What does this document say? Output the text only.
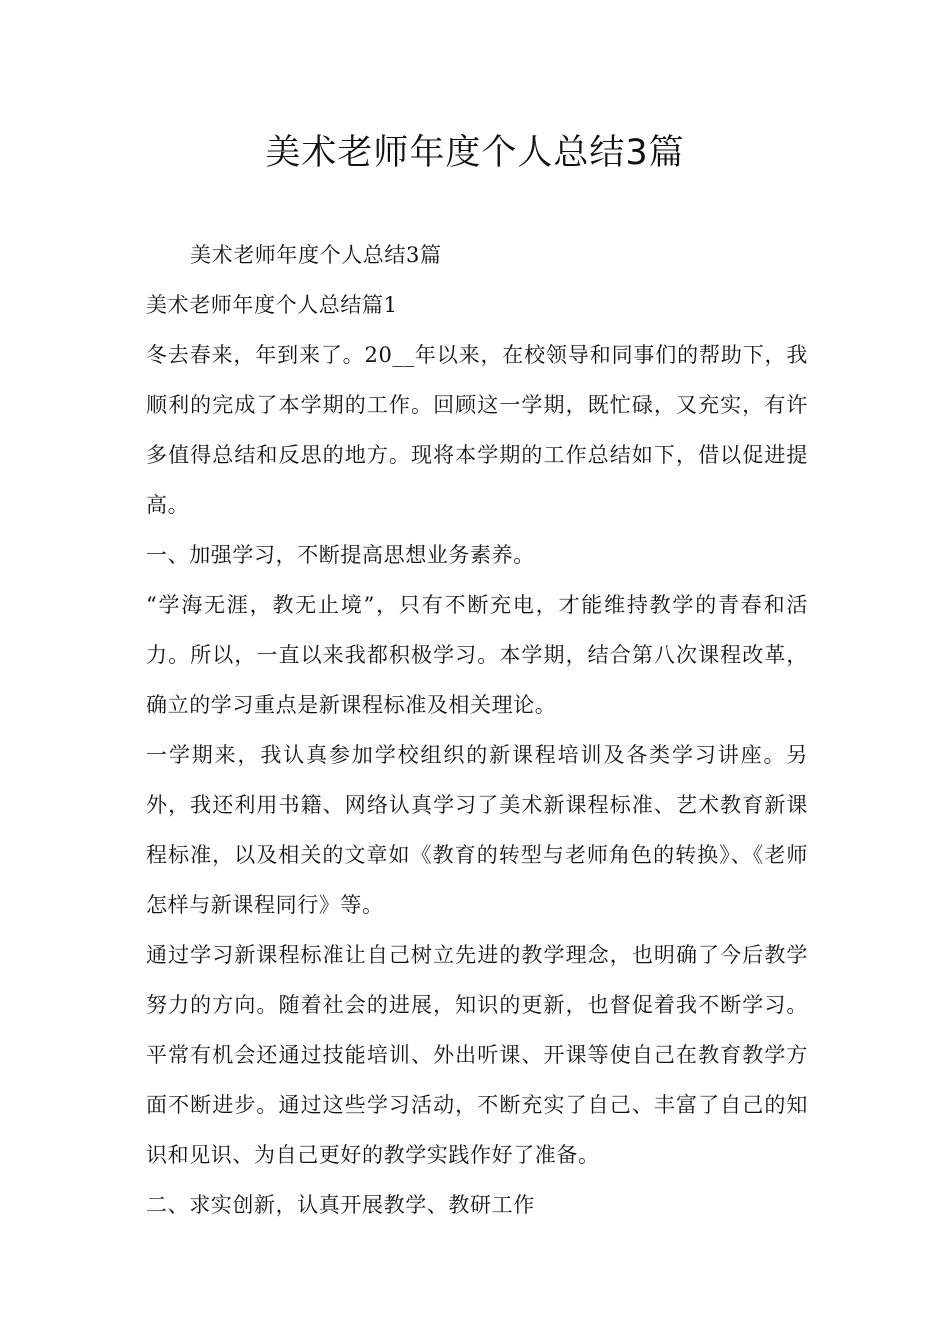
美术老师年度个人总结3篇

美术老师年度个人总结3篇

美术老师年度个人总结篇1

冬去春来，年到来了。20__年以来，在校领导和同事们的帮助下，我顺利的完成了本学期的工作。回顾这一学期，既忙碌，又充实，有许多值得总结和反思的地方。现将本学期的工作总结如下，借以促进提高。

一、加强学习，不断提高思想业务素养。

“学海无涯，教无止境”，只有不断充电，才能维持教学的青春和活力。所以，一直以来我都积极学习。本学期，结合第八次课程改革，确立的学习重点是新课程标准及相关理论。

一学期来，我认真参加学校组织的新课程培训及各类学习讲座。另外，我还利用书籍、网络认真学习了美术新课程标准、艺术教育新课程标准，以及相关的文章如《教育的转型与老师角色的转换》、《老师怎样与新课程同行》等。

通过学习新课程标准让自己树立先进的教学理念，也明确了今后教学努力的方向。随着社会的进展，知识的更新，也督促着我不断学习。平常有机会还通过技能培训、外出听课、开课等使自己在教育教学方面不断进步。通过这些学习活动，不断充实了自己、丰富了自己的知识和见识、为自己更好的教学实践作好了准备。

二、求实创新，认真开展教学、教研工作
